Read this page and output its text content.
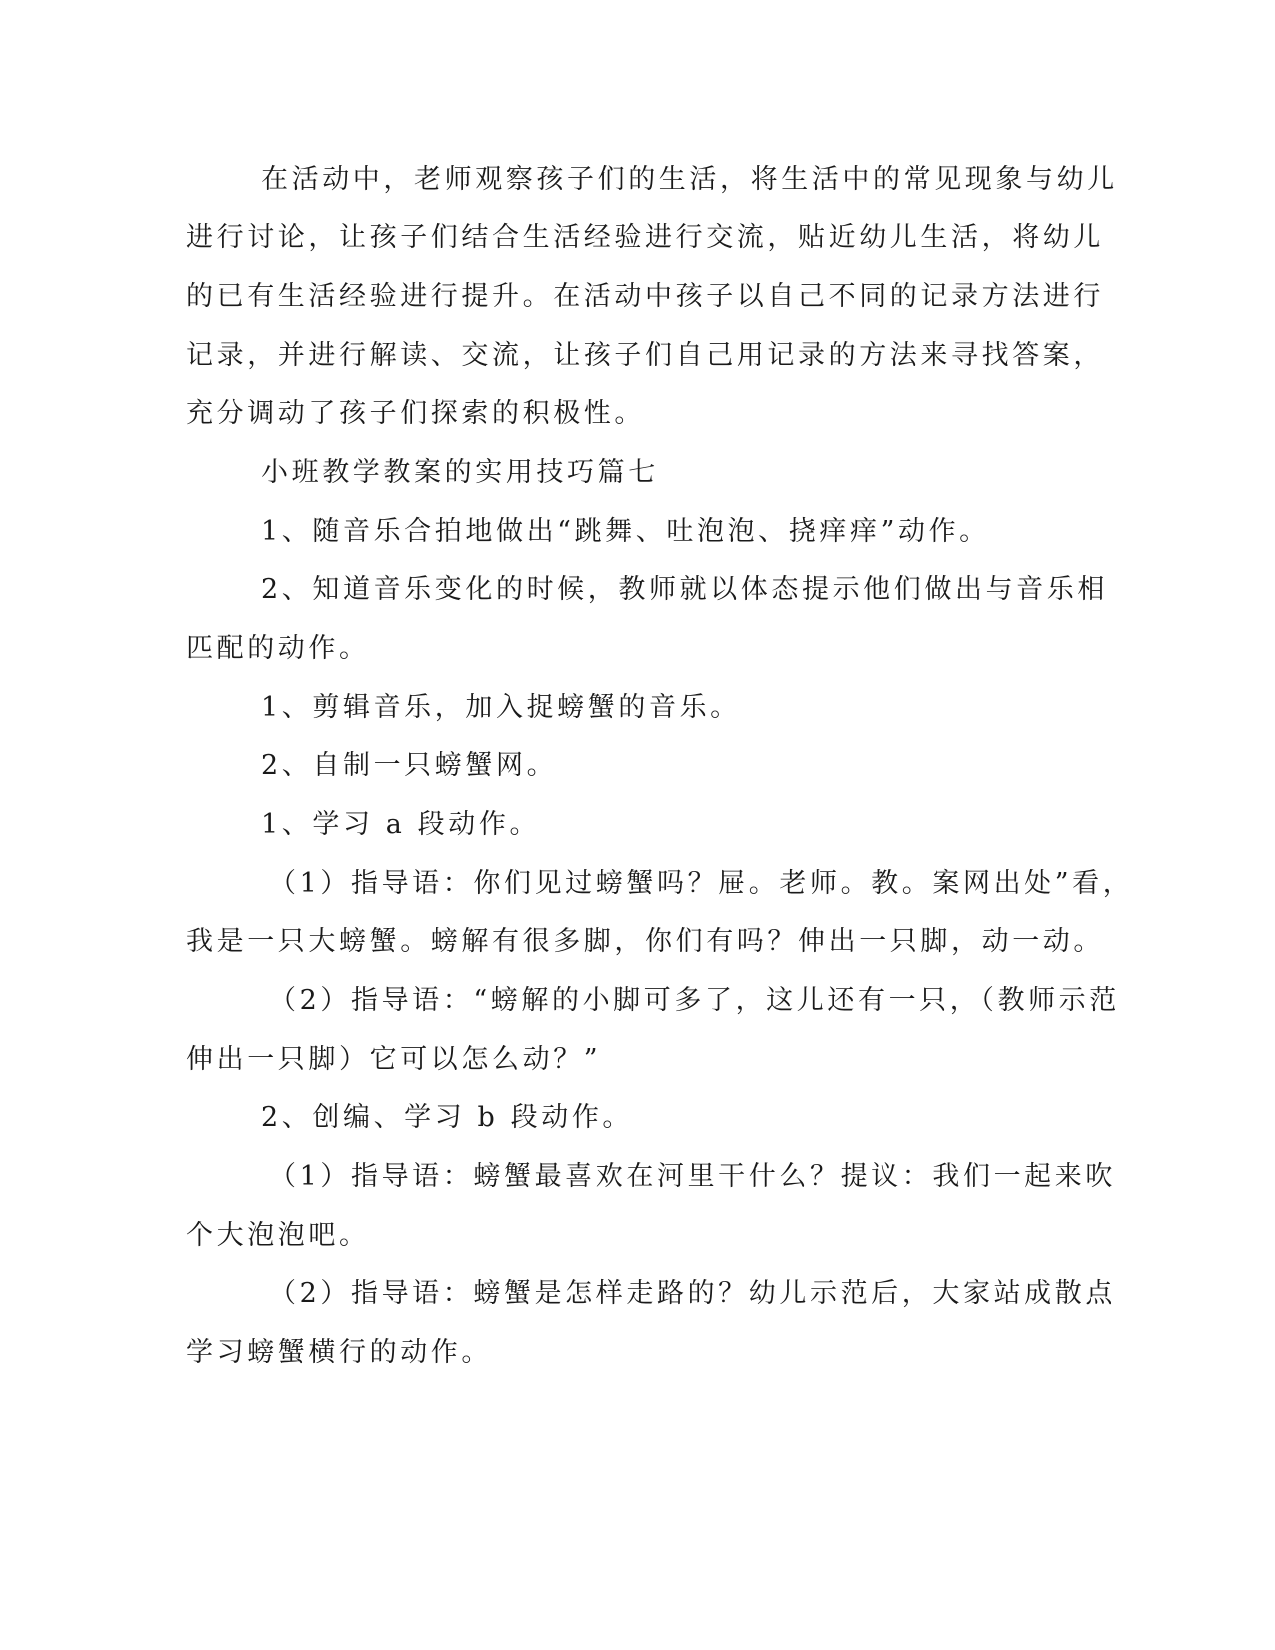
在活动中，老师观察孩子们的生活，将生活中的常见现象与幼儿
进行讨论，让孩子们结合生活经验进行交流，贴近幼儿生活，将幼儿
的已有生活经验进行提升。在活动中孩子以自己不同的记录方法进行
记录，并进行解读、交流，让孩子们自己用记录的方法来寻找答案，
充分调动了孩子们探索的积极性。
小班教学教案的实用技巧篇七
1、随音乐合拍地做出“跳舞、吐泡泡、挠痒痒”动作。
2、知道音乐变化的时候，教师就以体态提示他们做出与音乐相
匹配的动作。
1、剪辑音乐，加入捉螃蟹的音乐。
2、自制一只螃蟹网。
1、学习 a 段动作。
（1）指导语：你们见过螃蟹吗？屉。老师。教。案网出处”看，
我是一只大螃蟹。螃解有很多脚，你们有吗？伸出一只脚，动一动。
（2）指导语：“螃解的小脚可多了，这儿还有一只，（教师示范
伸出一只脚）它可以怎么动？”
2、创编、学习 b 段动作。
（1）指导语：螃蟹最喜欢在河里干什么？提议：我们一起来吹
个大泡泡吧。
（2）指导语：螃蟹是怎样走路的？幼儿示范后，大家站成散点
学习螃蟹横行的动作。
